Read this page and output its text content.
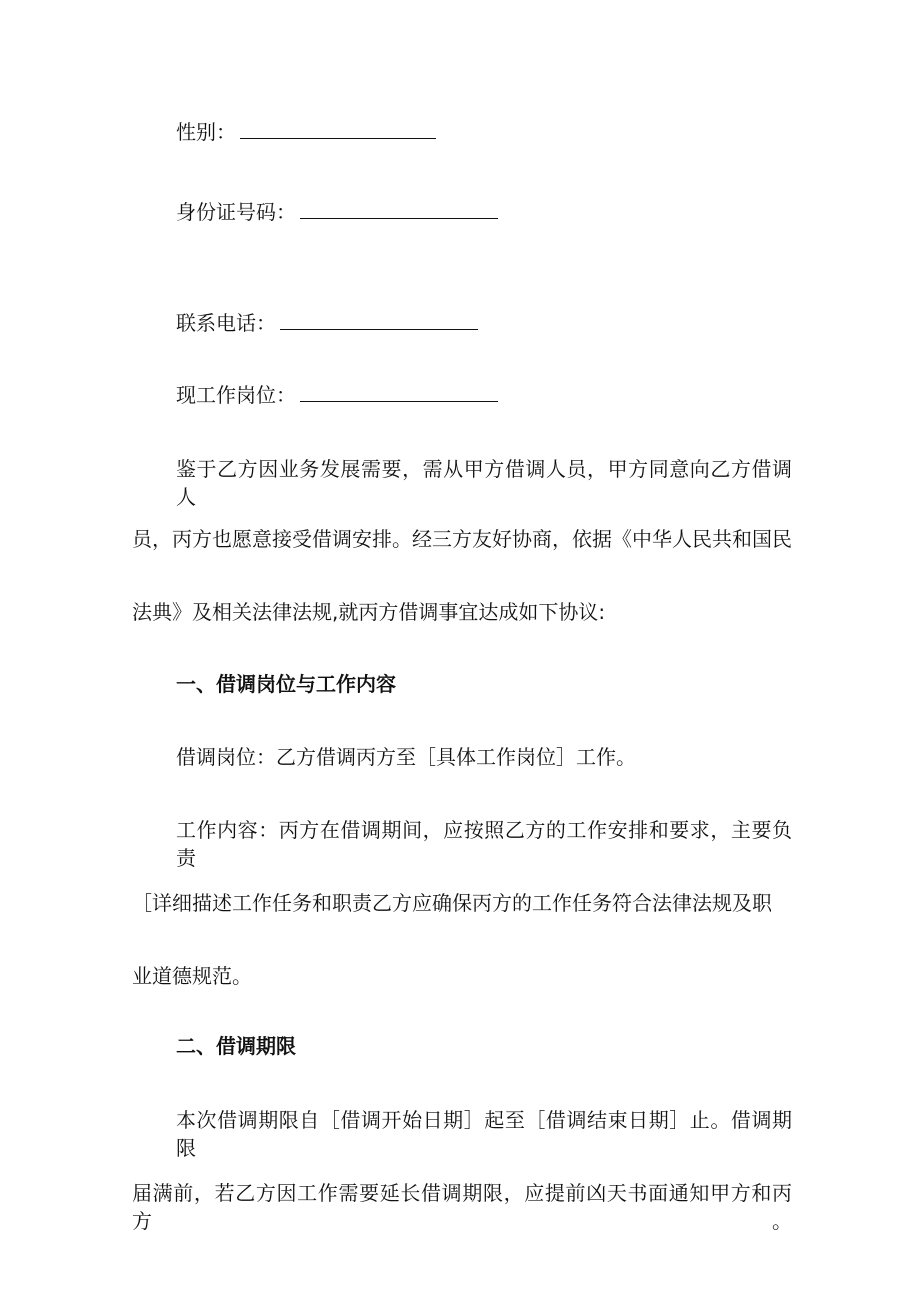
性别：
身份证号码：
联系电话：
现工作岗位：
鉴于乙方因业务发展需要，需从甲方借调人员，甲方同意向乙方借调人
员，丙方也愿意接受借调安排。经三方友好协商，依据《中华人民共和国民
法典》及相关法律法规,就丙方借调事宜达成如下协议:
一、借调岗位与工作内容
借调岗位：乙方借调丙方至［具体工作岗位］工作。
工作内容：丙方在借调期间，应按照乙方的工作安排和要求，主要负责
［详细描述工作任务和职责乙方应确保丙方的工作任务符合法律法规及职
业道德规范。
二、借调期限
本次借调期限自［借调开始日期］起至［借调结束日期］止。借调期限
届满前，若乙方因工作需要延长借调期限，应提前凶天书面通知甲方和丙方。
